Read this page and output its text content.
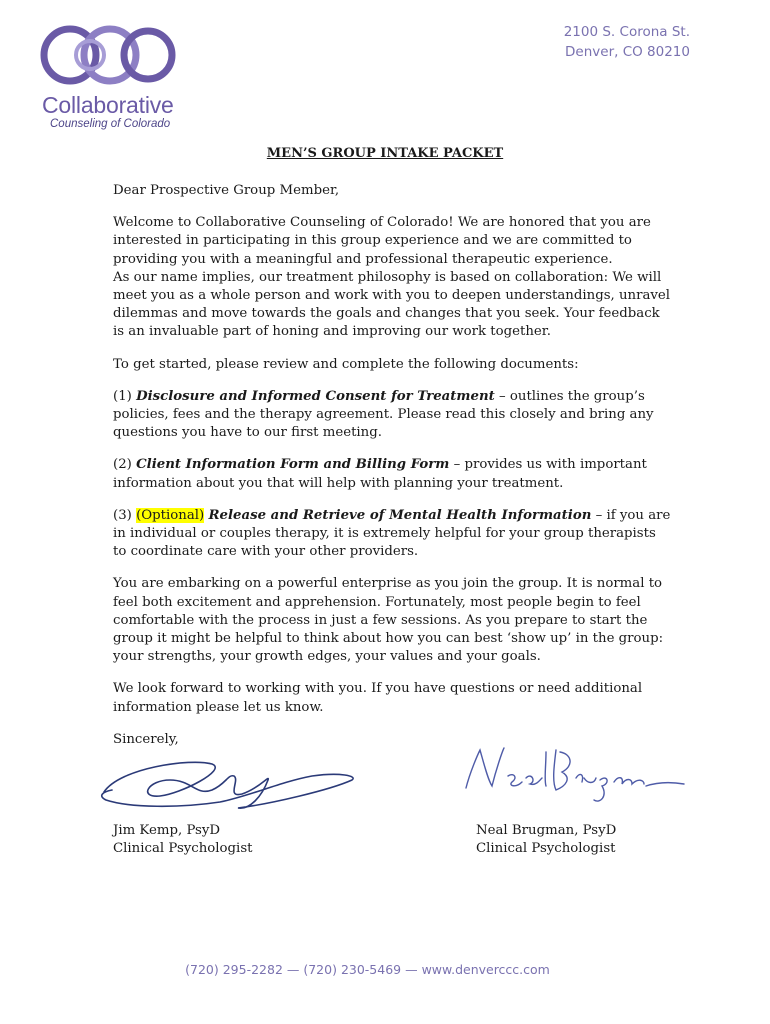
Collaborative
Counseling of Colorado
2100 S. Corona St.
Denver, CO 80210
MEN’S GROUP INTAKE PACKET

Dear Prospective Group Member,

Welcome to Collaborative Counseling of Colorado! We are honored that you are interested in participating in this group experience and we are committed to providing you with a meaningful and professional therapeutic experience.

As our name implies, our treatment philosophy is based on collaboration: We will meet you as a whole person and work with you to deepen understandings, unravel dilemmas and move towards the goals and changes that you seek. Your feedback is an invaluable part of honing and improving our work together.

To get started, please review and complete the following documents:

(1) Disclosure and Informed Consent for Treatment – outlines the group’s policies, fees and the therapy agreement. Please read this closely and bring any questions you have to our first meeting.

(2) Client Information Form and Billing Form – provides us with important information about you that will help with planning your treatment.

(3) (Optional) Release and Retrieve of Mental Health Information – if you are in individual or couples therapy, it is extremely helpful for your group therapists to coordinate care with your other providers.

You are embarking on a powerful enterprise as you join the group. It is normal to feel both excitement and apprehension. Fortunately, most people begin to feel comfortable with the process in just a few sessions. As you prepare to start the group it might be helpful to think about how you can best ‘show up’ in the group: your strengths, your growth edges, your values and your goals.

We look forward to working with you. If you have questions or need additional information please let us know.

Sincerely,

Jim Kemp, PsyD
Clinical Psychologist
Neal Brugman, PsyD
Clinical Psychologist
(720) 295-2282 — (720) 230-5469 — www.denverccc.com
